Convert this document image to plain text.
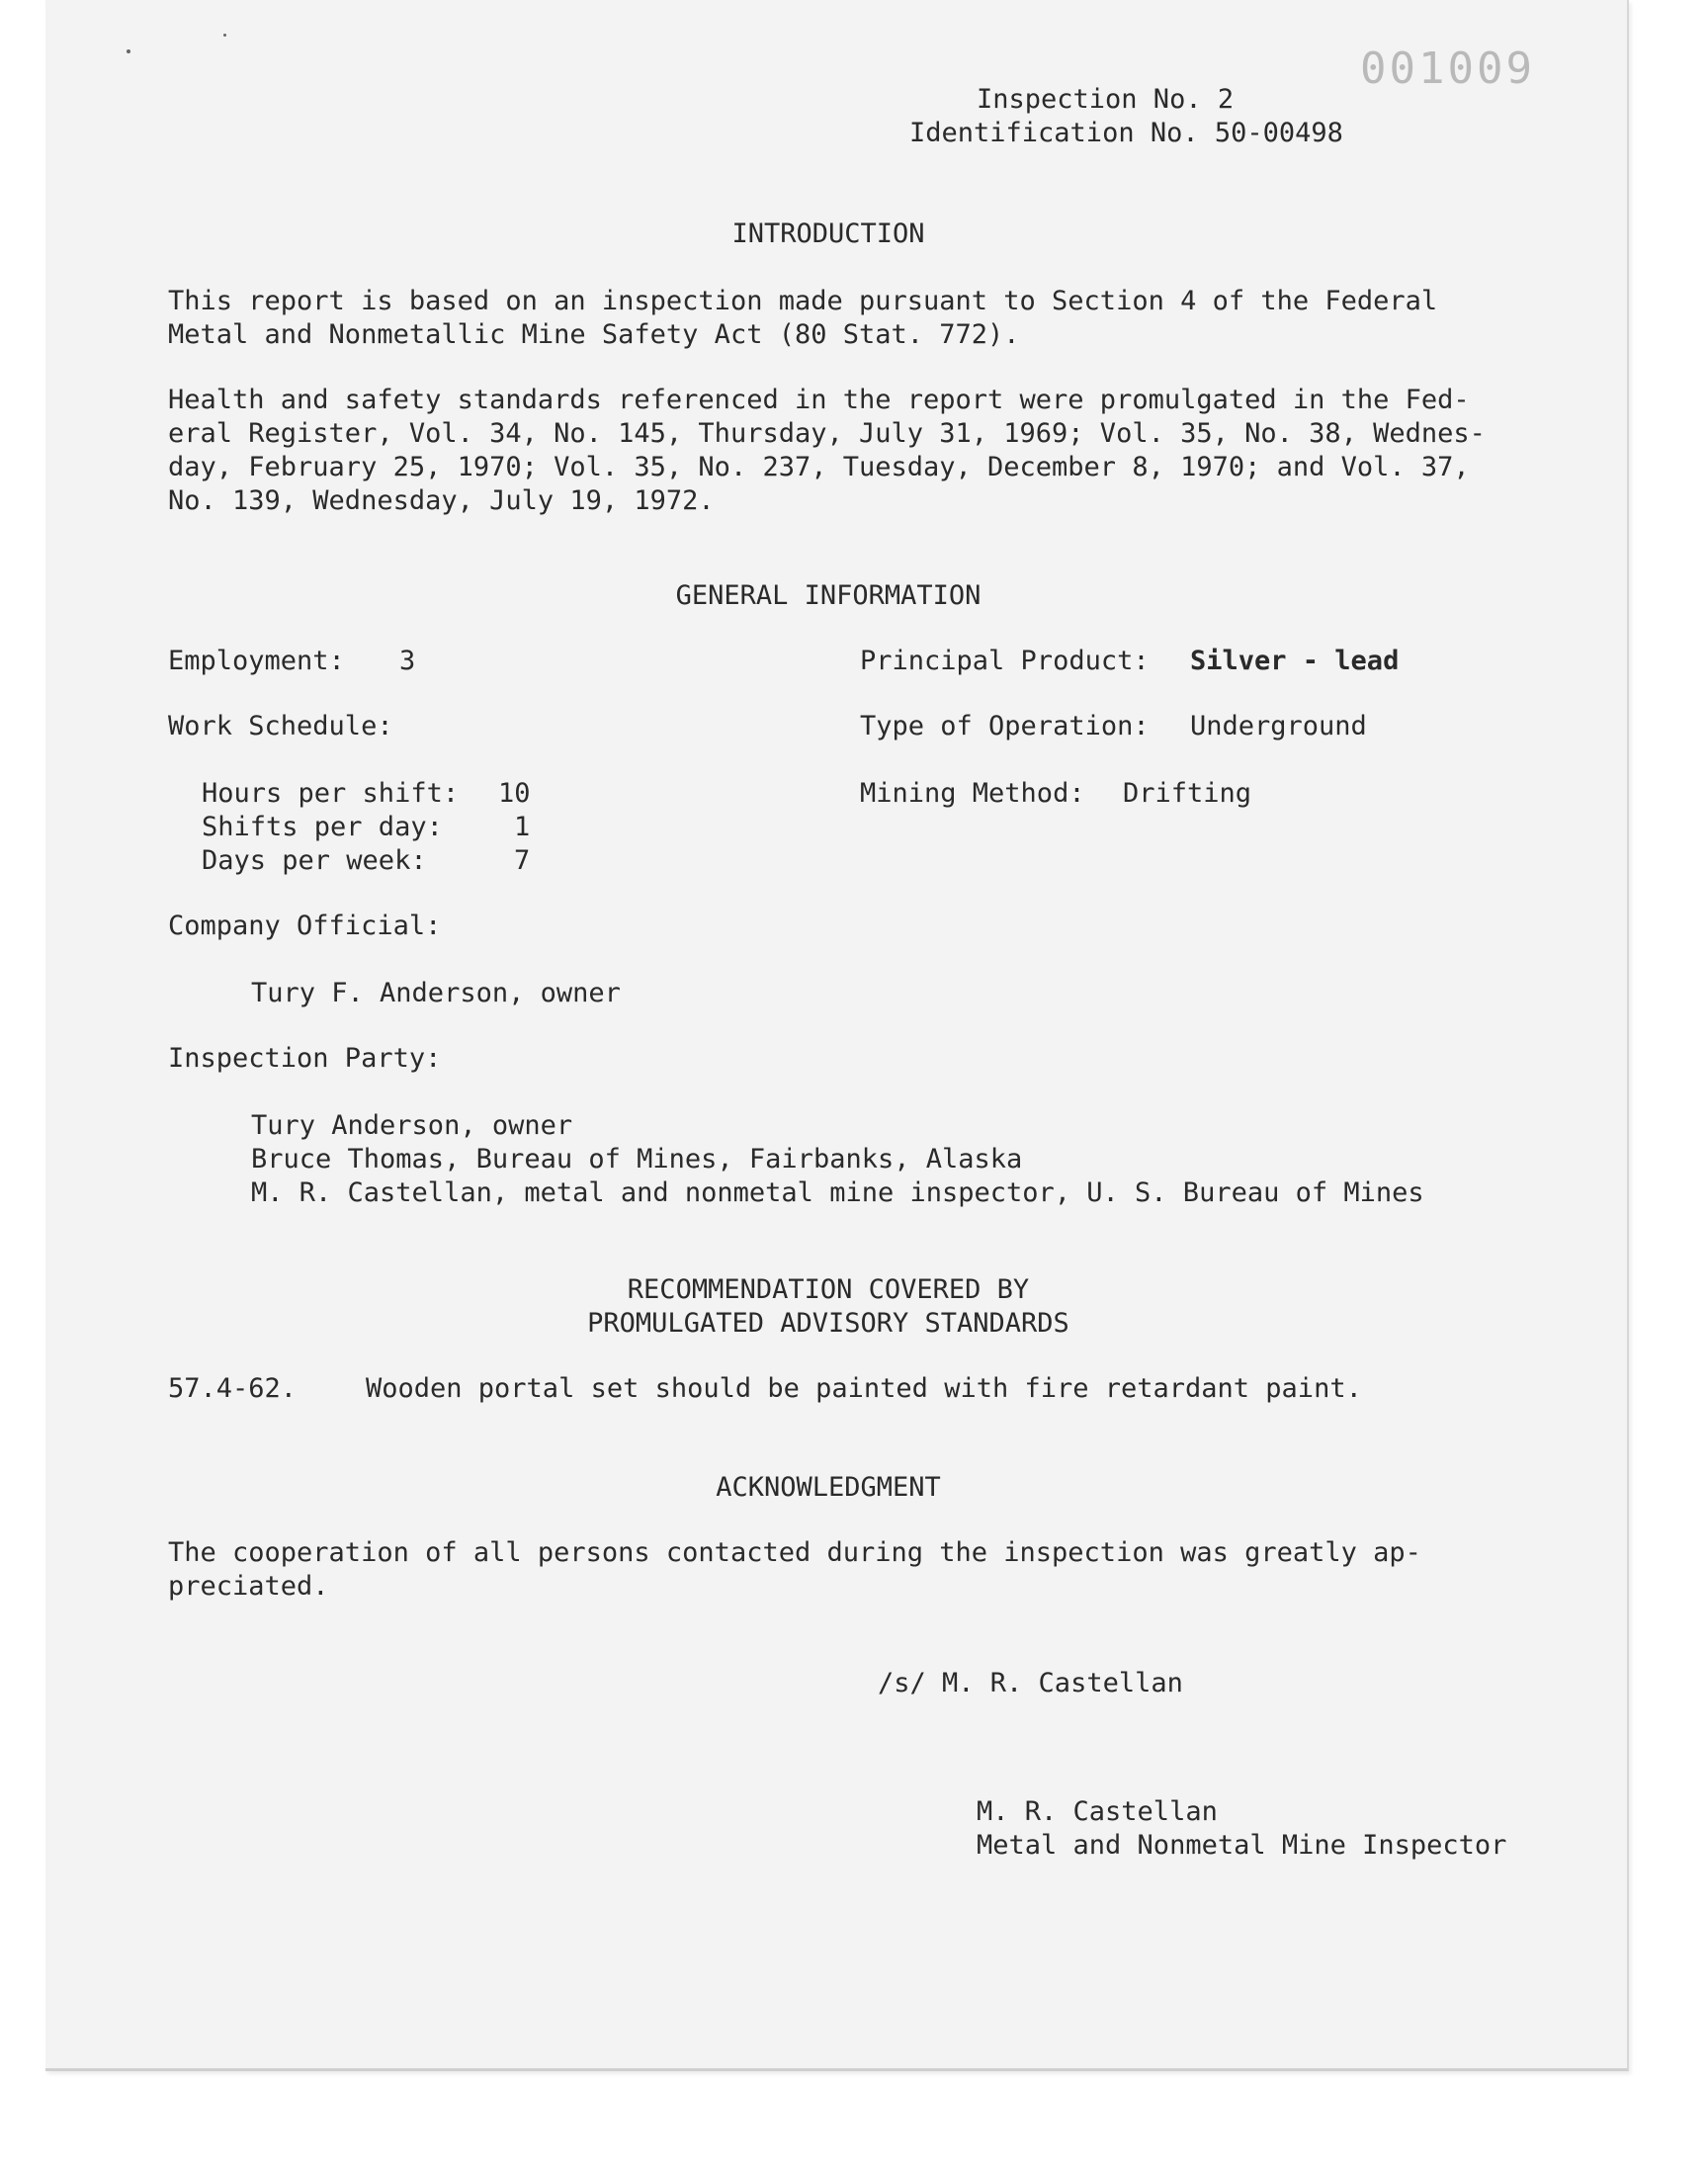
001009
Inspection No. 2
Identification No. 50-00498
INTRODUCTION
This report is based on an inspection made pursuant to Section 4 of the Federal
Metal and Nonmetallic Mine Safety Act (80 Stat. 772).
Health and safety standards referenced in the report were promulgated in the Fed-
eral Register, Vol. 34, No. 145, Thursday, July 31, 1969; Vol. 35, No. 38, Wednes-
day, February 25, 1970; Vol. 35, No. 237, Tuesday, December 8, 1970; and Vol. 37,
No. 139, Wednesday, July 19, 1972.
GENERAL INFORMATION
Employment: 3
Work Schedule:
Hours per shift: 10
Shifts per day:	1
Days per week:	7
Principal Product: Silver - lead
Type of Operation: Underground
Mining Method: Drifting
Company Official:
Tury F. Anderson, owner
Inspection Party:
Tury Anderson, owner
Bruce Thomas, Bureau of Mines, Fairbanks, Alaska
M. R. Castellan, metal and nonmetal mine inspector, U. S. Bureau of Mines
RECOMMENDATION COVERED BY
PROMULGATED ADVISORY STANDARDS
57.4-62.	Wooden portal set should be painted with fire retardant paint.
ACKNOWLEDGMENT
The cooperation of all persons contacted during the inspection was greatly ap-
preciated.
/s/ M. R. Castellan
M. R. Castellan
Metal and Nonmetal Mine Inspector
